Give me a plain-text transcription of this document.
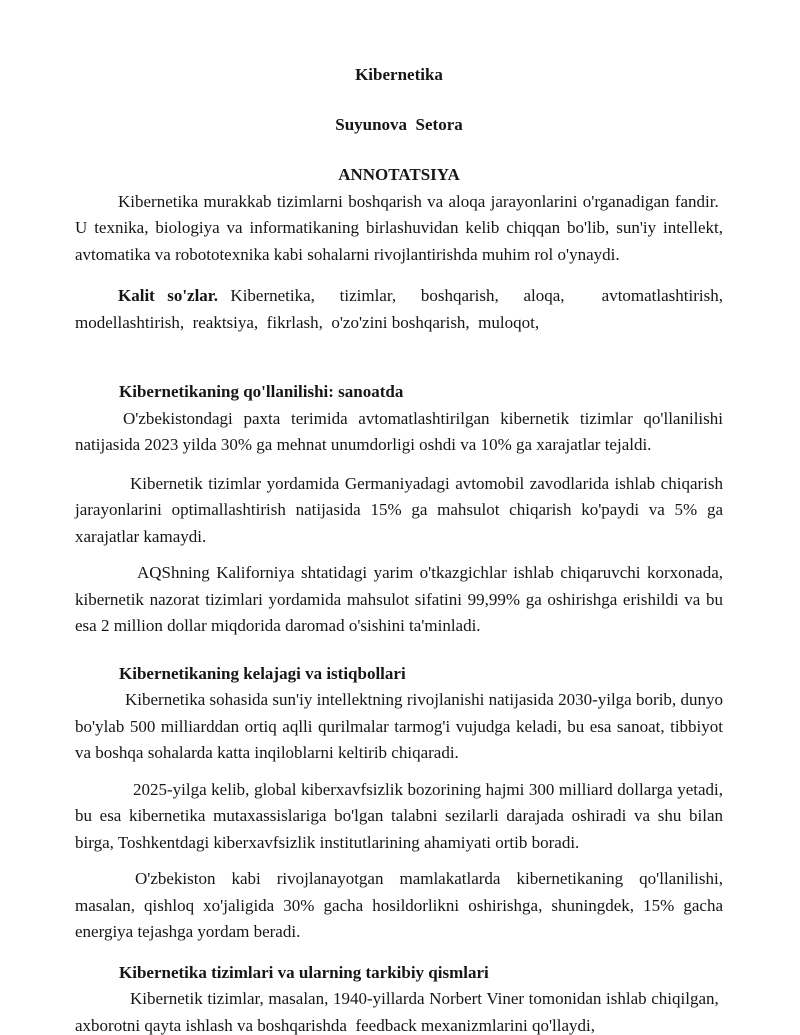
Kibernetika

Suyunova  Setora

ANNOTATSIYA

Kibernetika murakkab tizimlarni boshqarish va aloqa jarayonlarini o'rganadigan fandir.  U texnika, biologiya va informatikaning birlashuvidan kelib chiqqan bo'lib, sun'iy intellekt, avtomatika va robototexnika kabi sohalarni rivojlantirishda muhim rol o'ynaydi.

Kalit so'zlar. Kibernetika,  tizimlar,  boshqarish,  aloqa,   avtomatlashtirish, modellashtirish,  reaktsiya,  fikrlash,  o'zo'zini boshqarish,  muloqot,

Kibernetikaning qo'llanilishi: sanoatda

O'zbekistondagi paxta terimida avtomatlashtirilgan kibernetik tizimlar qo'llanilishi natijasida 2023 yilda 30% ga mehnat unumdorligi oshdi va 10% ga xarajatlar tejaldi.

Kibernetik tizimlar yordamida Germaniyadagi avtomobil zavodlarida ishlab chiqarish jarayonlarini optimallashtirish natijasida 15% ga mahsulot chiqarish ko'paydi va 5% ga xarajatlar kamaydi.

AQShning Kaliforniya shtatidagi yarim o'tkazgichlar ishlab chiqaruvchi korxonada, kibernetik nazorat tizimlari yordamida mahsulot sifatini 99,99% ga oshirishga erishildi va bu esa 2 million dollar miqdorida daromad o'sishini ta'minladi.

Kibernetikaning kelajagi va istiqbollari

Kibernetika sohasida sun'iy intellektning rivojlanishi natijasida 2030-yilga borib, dunyo bo'ylab 500 milliarddan ortiq aqlli qurilmalar tarmog'i vujudga keladi, bu esa sanoat, tibbiyot va boshqa sohalarda katta inqiloblarni keltirib chiqaradi.

2025-yilga kelib, global kiberxavfsizlik bozorining hajmi 300 milliard dollarga yetadi, bu esa kibernetika mutaxassislariga bo'lgan talabni sezilarli darajada oshiradi va shu bilan birga, Toshkentdagi kiberxavfsizlik institutlarining ahamiyati ortib boradi.

O'zbekiston kabi rivojlanayotgan mamlakatlarda kibernetikaning qo'llanilishi, masalan, qishloq xo'jaligida 30% gacha hosildorlikni oshirishga, shuningdek, 15% gacha energiya tejashga yordam beradi.

Kibernetika tizimlari va ularning tarkibiy qismlari

Kibernetik tizimlar, masalan, 1940-yillarda Norbert Viner tomonidan ishlab chiqilgan,  axborotni qayta ishlash va boshqarishda  feedback mexanizmlarini qo'llaydi,
